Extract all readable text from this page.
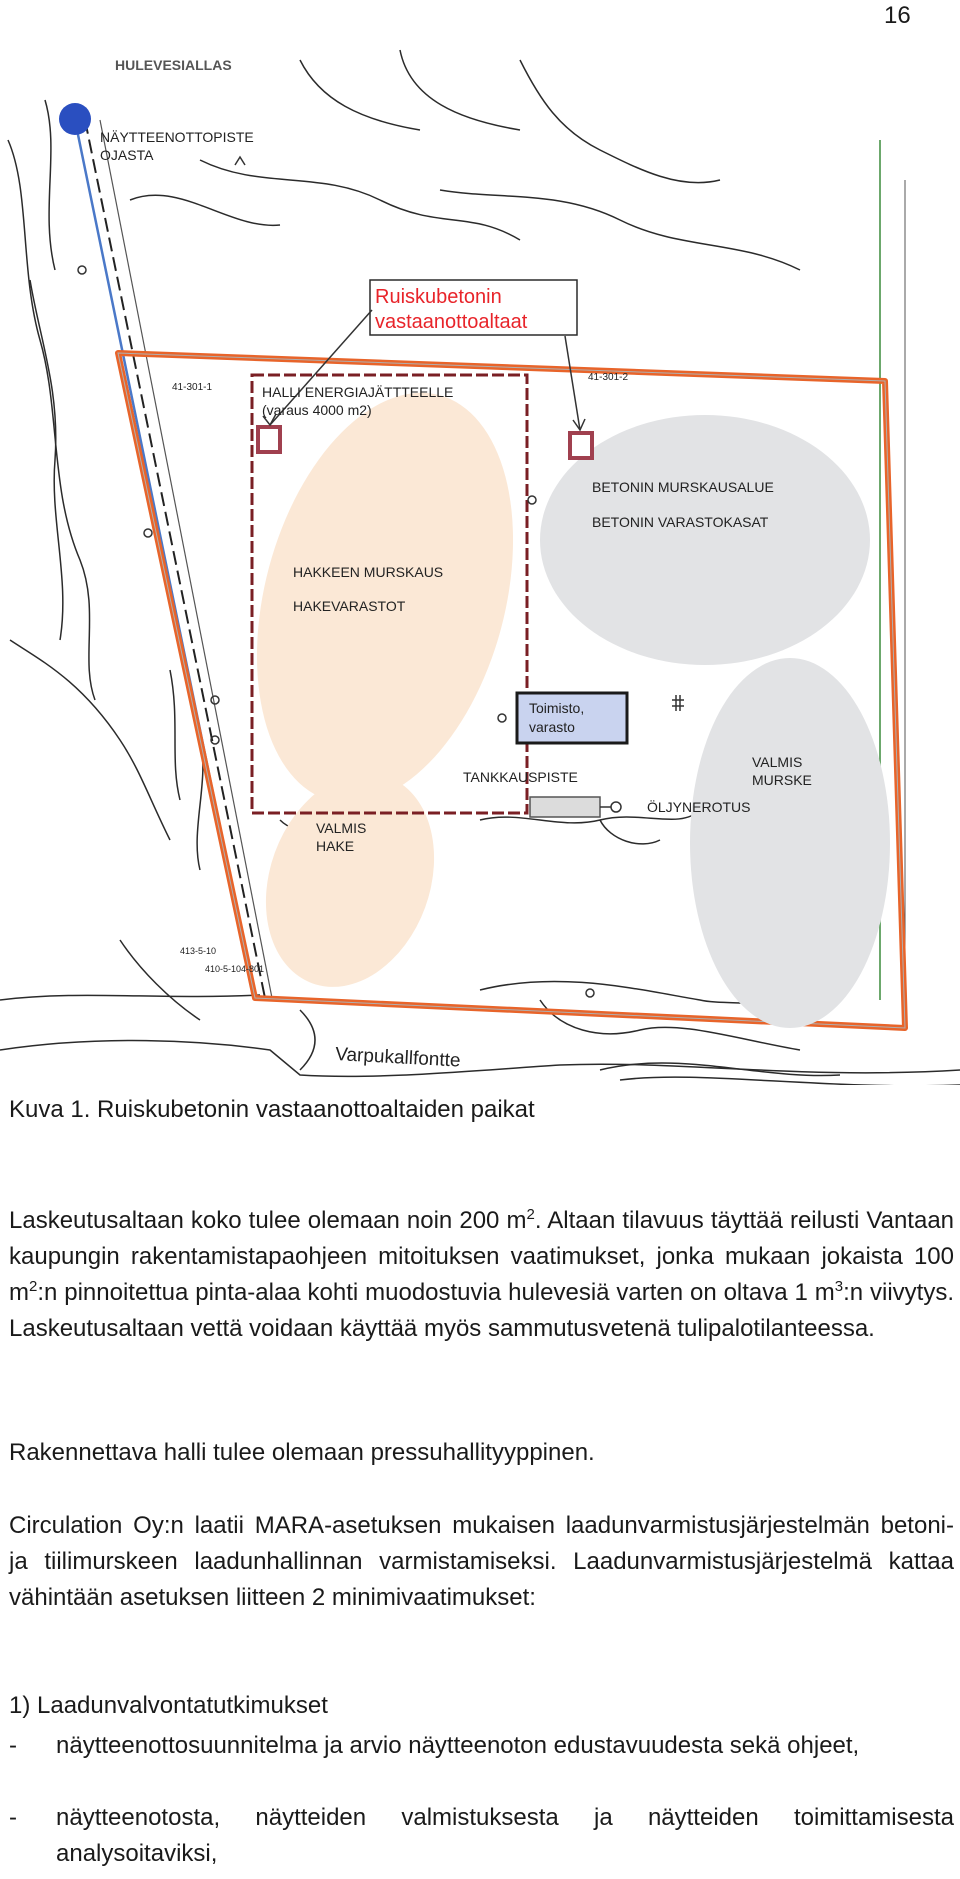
16
Ruiskubetonin
vastaanottoaltaat
HULEVESIALLAS
NÄYTTEENOTTOPISTE
OJASTA
HALLI ENERGIAJÄTTTEELLE
(varaus 4000 m2)
41-301-1
41-301-2
BETONIN MURSKAUSALUE
BETONIN VARASTOKASAT
HAKKEEN MURSKAUS
HAKEVARASTOT
VALMIS
MURSKE
VALMIS
HAKE
Toimisto,
varasto
TANKKAUSPISTE
ÖLJYNEROTUS
413-5-10
410-5-104-801
Varpukallfontte
Kuva 1. Ruiskubetonin vastaanottoaltaiden paikat
Laskeutusaltaan koko tulee olemaan noin 200 $m^2$. Altaan tilavuus täyttää reilusti Vantaan kaupungin rakentamistapaohjeen mitoituksen vaatimukset, jonka mukaan jokaista 100 $m^2:n$ pinnoitettua pinta-alaa kohti muodostuvia hulevesiä varten on oltava 1 $m^3:n$ viivytys. Laskeutusaltaan vettä voidaan käyttää myös sammutusvetenä tulipalotilanteessa.
Rakennettava halli tulee olemaan pressuhallityyppinen.
Circulation Oy:n laatii MARA-asetuksen mukaisen laadunvarmistusjärjestelmän betoni- ja tiilimurskeen laadunhallinnan varmistamiseksi. Laadunvarmistusjärjestelmä kattaa vähintään asetuksen liitteen 2 minimivaatimukset:
1) Laadunvalvontatutkimukset
- näytteenottosuunnitelma ja arvio näytteenoton edustavuudesta sekä ohjeet,
- näytteenotosta, näytteiden valmistuksesta ja näytteiden toimittamisesta analysoitaviksi,
